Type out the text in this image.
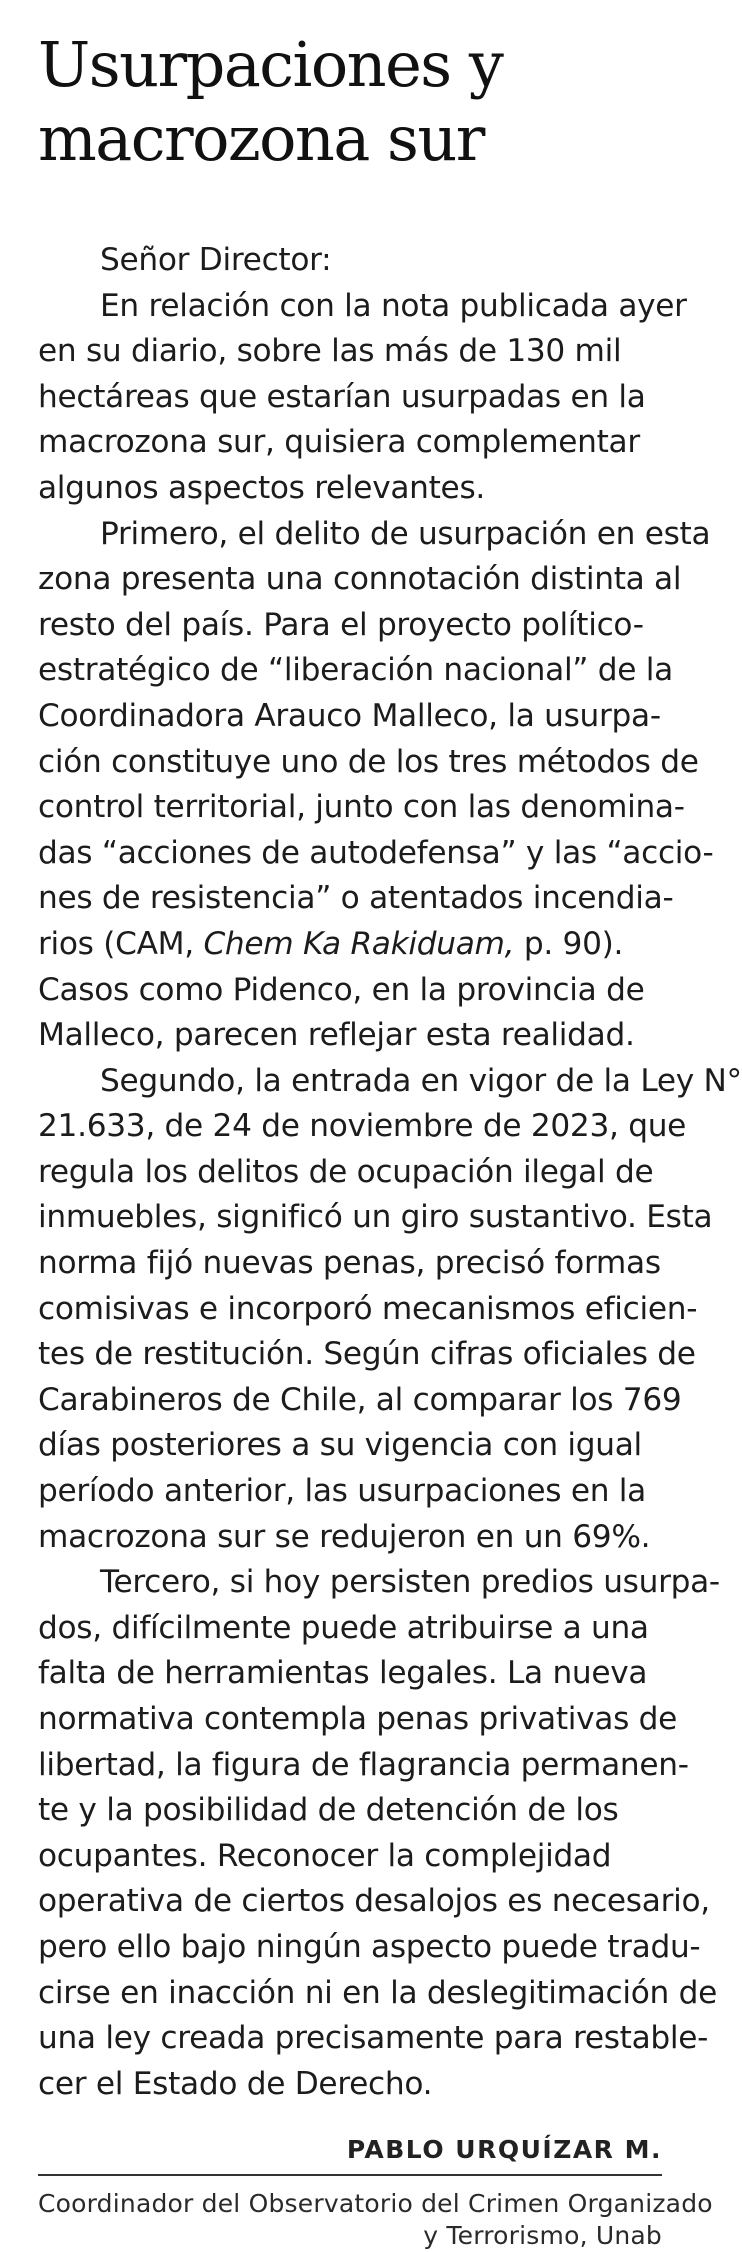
Usurpaciones y
macrozona sur
Señor Director:
En relación con la nota publicada ayer
en su diario, sobre las más de 130 mil
hectáreas que estarían usurpadas en la
macrozona sur, quisiera complementar
algunos aspectos relevantes.
Primero, el delito de usurpación en esta
zona presenta una connotación distinta al
resto del país. Para el proyecto político-
estratégico de “liberación nacional” de la
Coordinadora Arauco Malleco, la usurpa-
ción constituye uno de los tres métodos de
control territorial, junto con las denomina-
das “acciones de autodefensa” y las “accio-
nes de resistencia” o atentados incendia-
rios (CAM, Chem Ka Rakiduam, p. 90).
Casos como Pidenco, en la provincia de
Malleco, parecen reflejar esta realidad.
Segundo, la entrada en vigor de la Ley N°
21.633, de 24 de noviembre de 2023, que
regula los delitos de ocupación ilegal de
inmuebles, significó un giro sustantivo. Esta
norma fijó nuevas penas, precisó formas
comisivas e incorporó mecanismos eficien-
tes de restitución. Según cifras oficiales de
Carabineros de Chile, al comparar los 769
días posteriores a su vigencia con igual
período anterior, las usurpaciones en la
macrozona sur se redujeron en un 69%.
Tercero, si hoy persisten predios usurpa-
dos, difícilmente puede atribuirse a una
falta de herramientas legales. La nueva
normativa contempla penas privativas de
libertad, la figura de flagrancia permanen-
te y la posibilidad de detención de los
ocupantes. Reconocer la complejidad
operativa de ciertos desalojos es necesario,
pero ello bajo ningún aspecto puede tradu-
cirse en inacción ni en la deslegitimación de
una ley creada precisamente para restable-
cer el Estado de Derecho.
PABLO URQUÍZAR M.
Coordinador del Observatorio del Crimen Organizado
y Terrorismo, Unab
